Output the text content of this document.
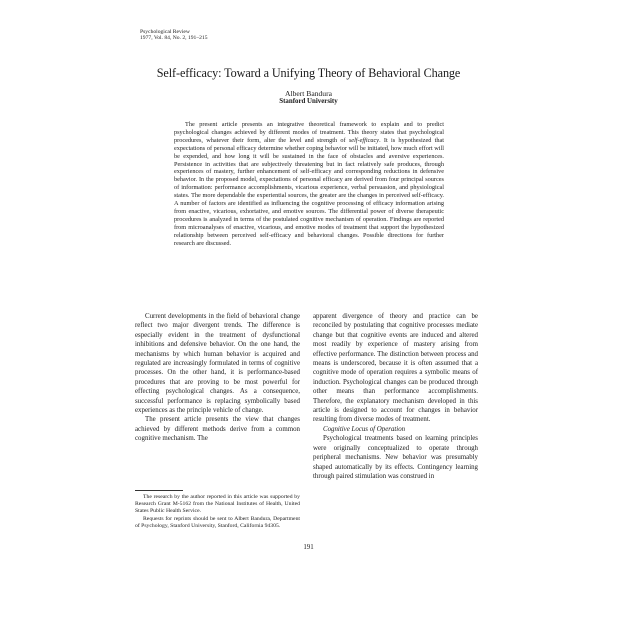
Psychological Review
1977, Vol. 84, No. 2, 191–215
Self-efficacy: Toward a Unifying Theory of Behavioral Change
Albert Bandura
Stanford University
The present article presents an integrative theoretical framework to explain and to predict psychological changes achieved by different modes of treatment. This theory states that psychological procedures, whatever their form, alter the level and strength of self-efficacy. It is hypothesized that expectations of personal efficacy determine whether coping behavior will be initiated, how much effort will be expended, and how long it will be sustained in the face of obstacles and aversive experiences. Persistence in activities that are subjectively threatening but in fact relatively safe produces, through experiences of mastery, further enhancement of self-efficacy and corresponding reductions in defensive behavior. In the proposed model, expectations of personal efficacy are derived from four principal sources of information: performance accomplishments, vicarious experience, verbal persuasion, and physiological states. The more dependable the experiential sources, the greater are the changes in perceived self-efficacy. A number of factors are identified as influencing the cognitive processing of efficacy information arising from enactive, vicarious, exhortative, and emotive sources. The differential power of diverse therapeutic procedures is analyzed in terms of the postulated cognitive mechanism of operation. Findings are reported from microanalyses of enactive, vicarious, and emotive modes of treatment that support the hypothesized relationship between perceived self-efficacy and behavioral changes. Possible directions for further research are discussed.

Current developments in the field of behavioral change reflect two major divergent trends. The difference is especially evident in the treatment of dysfunctional inhibitions and defensive behavior. On the one hand, the mechanisms by which human behavior is acquired and regulated are increasingly formulated in terms of cognitive processes. On the other hand, it is performance-based procedures that are proving to be most powerful for effecting psychological changes. As a consequence, successful performance is replacing symbolically based experiences as the principle vehicle of change.

The present article presents the view that changes achieved by different methods derive from a common cognitive mechanism. The

apparent divergence of theory and practice can be reconciled by postulating that cognitive processes mediate change but that cognitive events are induced and altered most readily by experience of mastery arising from effective performance. The distinction between process and means is underscored, because it is often assumed that a cognitive mode of operation requires a symbolic means of induction. Psychological changes can be produced through other means than performance accomplishments. Therefore, the explanatory mechanism developed in this article is designed to account for changes in behavior resulting from diverse modes of treatment.

Cognitive Locus of Operation

Psychological treatments based on learning principles were originally conceptualized to operate through peripheral mechanisms. New behavior was presumably shaped automatically by its effects. Contingency learning through paired stimulation was construed in

The research by the author reported in this article was supported by Research Grant M-5162 from the National Institutes of Health, United States Public Health Service.

Requests for reprints should be sent to Albert Bandura, Department of Psychology, Stanford University, Stanford, California 94305.

191
